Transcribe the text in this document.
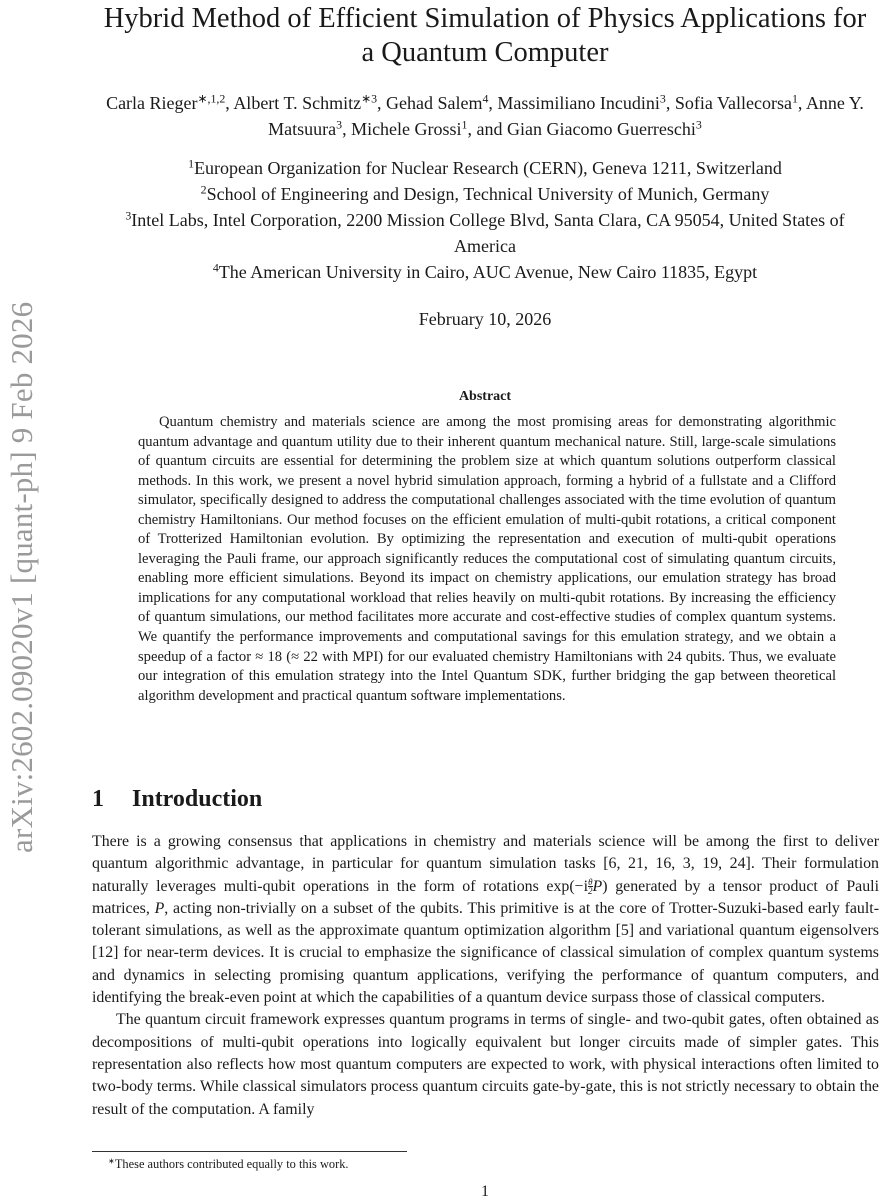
arXiv:2602.09020v1 [quant-ph] 9 Feb 2026
Hybrid Method of Efficient Simulation of Physics Applications for
a Quantum Computer
Carla Rieger$^{∗,1,2}$, Albert T. Schmitz$^{∗3}$, Gehad Salem$^4$, Massimiliano Incudini$^3$, Sofia Vallecorsa$^1$, Anne Y. Matsuura$^3$, Michele Grossi$^1$, and Gian Giacomo Guerreschi$^3$
$^1$European Organization for Nuclear Research (CERN), Geneva 1211, Switzerland
$^2$School of Engineering and Design, Technical University of Munich, Germany
$^3$Intel Labs, Intel Corporation, 2200 Mission College Blvd, Santa Clara, CA 95054, United States of America
$^4$The American University in Cairo, AUC Avenue, New Cairo 11835, Egypt
February 10, 2026
Abstract

Quantum chemistry and materials science are among the most promising areas for demonstrating algorithmic quantum advantage and quantum utility due to their inherent quantum mechanical nature. Still, large-scale simulations of quantum circuits are essential for determining the problem size at which quantum solutions outperform classical methods. In this work, we present a novel hybrid simulation approach, forming a hybrid of a fullstate and a Clifford simulator, specifically designed to address the computational challenges associated with the time evolution of quantum chemistry Hamiltonians. Our method focuses on the efficient emulation of multi-qubit rotations, a critical component of Trotterized Hamiltonian evolution. By optimizing the representation and execution of multi-qubit operations leveraging the Pauli frame, our approach significantly reduces the computational cost of simulating quantum circuits, enabling more efficient simulations. Beyond its impact on chemistry applications, our emulation strategy has broad implications for any computational workload that relies heavily on multi-qubit rotations. By increasing the efficiency of quantum simulations, our method facilitates more accurate and cost-effective studies of complex quantum systems. We quantify the performance improvements and computational savings for this emulation strategy, and we obtain a speedup of a factor ≈ 18 (≈ 22 with MPI) for our evaluated chemistry Hamiltonians with 24 qubits. Thus, we evaluate our integration of this emulation strategy into the Intel Quantum SDK, further bridging the gap between theoretical algorithm development and practical quantum software implementations.

1 Introduction

There is a growing consensus that applications in chemistry and materials science will be among the first to deliver quantum algorithmic advantage, in particular for quantum simulation tasks [6, 21, 16, 3, 19, 24]. Their formulation naturally leverages multi-qubit operations in the form of rotations $\exp(-i\frac{\theta}{2} P)$ generated by a tensor product of Pauli matrices, P, acting non-trivially on a subset of the qubits. This primitive is at the core of Trotter-Suzuki-based early fault-tolerant simulations, as well as the approximate quantum optimization algorithm [5] and variational quantum eigensolvers [12] for near-term devices. It is crucial to emphasize the significance of classical simulation of complex quantum systems and dynamics in selecting promising quantum applications, verifying the performance of quantum computers, and identifying the break-even point at which the capabilities of a quantum device surpass those of classical computers.

The quantum circuit framework expresses quantum programs in terms of single- and two-qubit gates, often obtained as decompositions of multi-qubit operations into logically equivalent but longer circuits made of simpler gates. This representation also reflects how most quantum computers are expected to work, with physical interactions often limited to two-body terms. While classical simulators process quantum circuits gate-by-gate, this is not strictly necessary to obtain the result of the computation. A family

∗These authors contributed equally to this work.
1
